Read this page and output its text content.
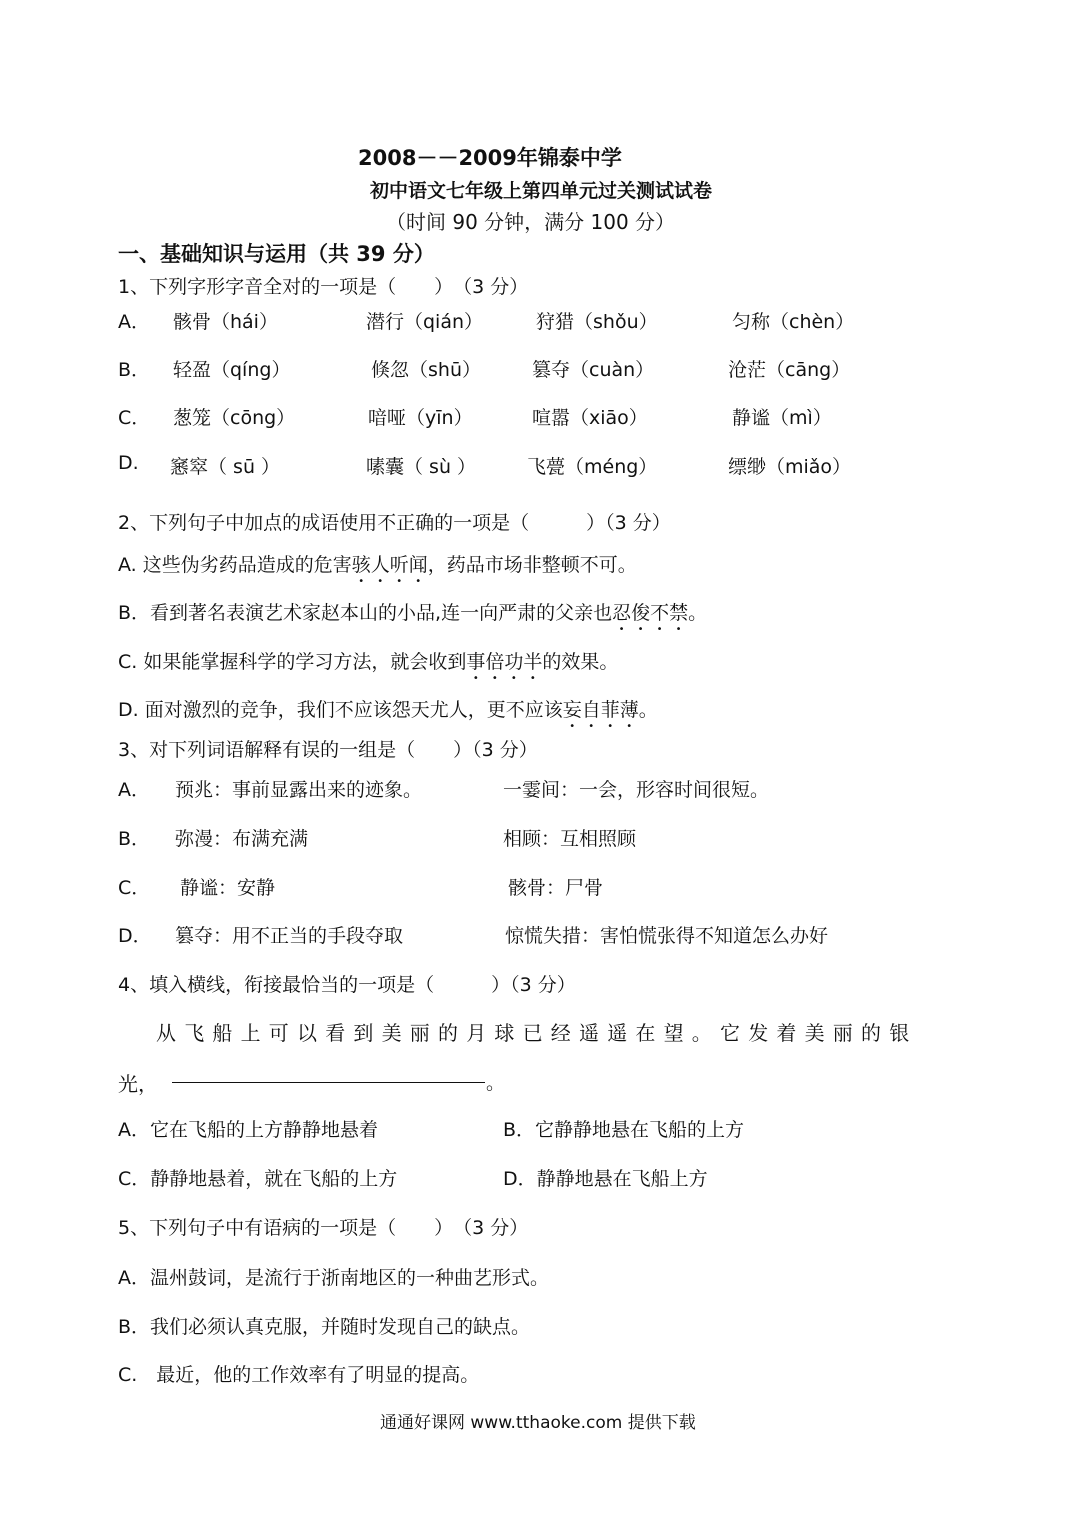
2008－－2009年锦泰中学
初中语文七年级上第四单元过关测试试卷
（时间 90 分钟，满分 100 分）
一、基础知识与运用（共 39 分）
1、下列字形字音全对的一项是（　　）　（3 分）
A． 骸骨（hái）	潜行（qián）	狩猎（shǒu）	匀称（chèn）
B． 轻盈（qíng）	倏忽（shū）	篡夺（cuàn）	沧茫（cāng）
C． 葱笼（cōng）	喑哑（yīn）	喧嚣（xiāo）	静谧（mì）
D. 窸窣（ sū ）	嗉囊（ sù ）	飞甍（méng）	缥缈（miǎo）
2、下列句子中加点的成语使用不正确的一项是（　　　）（3 分）
A. 这些伪劣药品造成的危害骇人听闻，药品市场非整顿不可。
B．看到著名表演艺术家赵本山的小品,连一向严肃的父亲也忍俊不禁。
C. 如果能掌握科学的学习方法，就会收到事倍功半的效果。
D. 面对激烈的竞争，我们不应该怨天尤人，更不应该妄自菲薄。
3、对下列词语解释有误的一组是（　　）（3 分）
A． 预兆：事前显露出来的迹象。	一霎间：一会，形容时间很短。
B． 弥漫：布满充满	相顾：互相照顾
C． 静谧：安静	骸骨：尸骨
D． 篡夺：用不正当的手段夺取	惊慌失措：害怕慌张得不知道怎么办好
4、填入横线，衔接最恰当的一项是（　　　）（3 分）
从飞船上可以看到美丽的月球已经遥遥在望。它发着美丽的银
光，	。
A．它在飞船的上方静静地悬着	B．它静静地悬在飞船的上方
C．静静地悬着，就在飞船的上方	D．静静地悬在飞船上方
5、下列句子中有语病的一项是（　　）　（3 分）
A．温州鼓词，是流行于浙南地区的一种曲艺形式。
B．我们必须认真克服，并随时发现自己的缺点。
C.　最近，他的工作效率有了明显的提高。
通通好课网 www.tthaoke.com 提供下载
